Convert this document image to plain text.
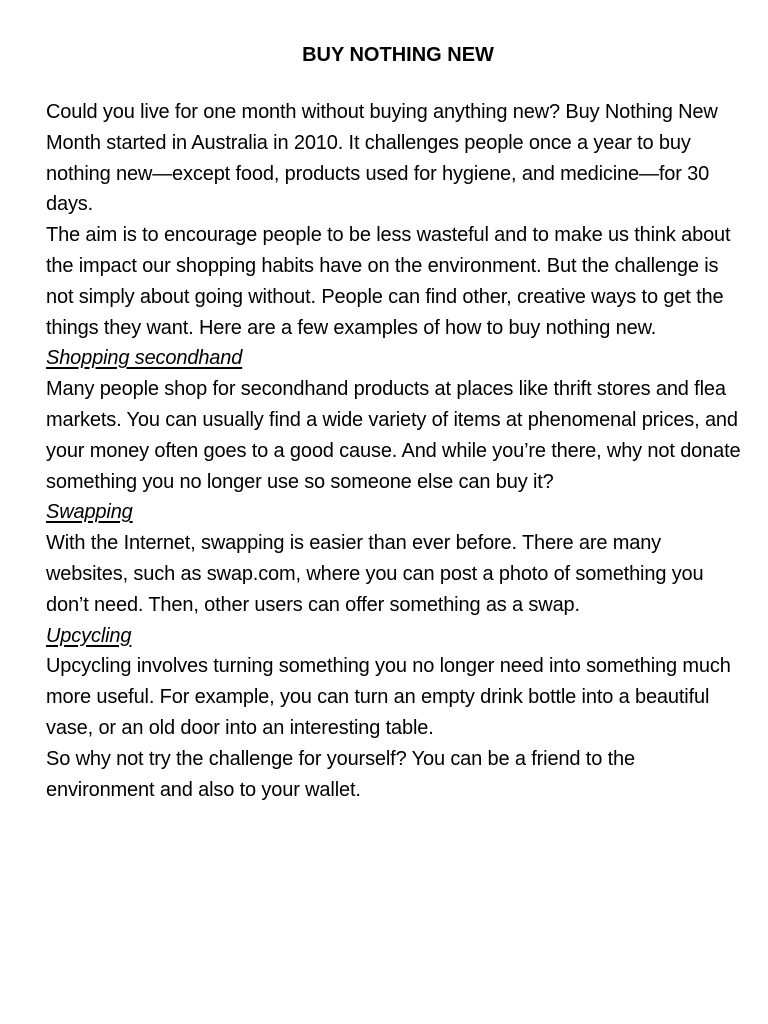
BUY NOTHING NEW

Could you live for one month without buying anything new? Buy Nothing New Month started in Australia in 2010. It challenges people once a year to buy nothing new—except food, products used for hygiene, and medicine—for 30 days.

The aim is to encourage people to be less wasteful and to make us think about the impact our shopping habits have on the environment. But the challenge is not simply about going without. People can find other, creative ways to get the things they want. Here are a few examples of how to buy nothing new.

Shopping secondhand

Many people shop for secondhand products at places like thrift stores and flea markets. You can usually find a wide variety of items at phenomenal prices, and your money often goes to a good cause. And while you’re there, why not donate something you no longer use so someone else can buy it?

Swapping

With the Internet, swapping is easier than ever before. There are many websites, such as swap.com, where you can post a photo of something you don’t need. Then, other users can offer something as a swap.

Upcycling

Upcycling involves turning something you no longer need into something much more useful. For example, you can turn an empty drink bottle into a beautiful vase, or an old door into an interesting table.

So why not try the challenge for yourself? You can be a friend to the environment and also to your wallet.
